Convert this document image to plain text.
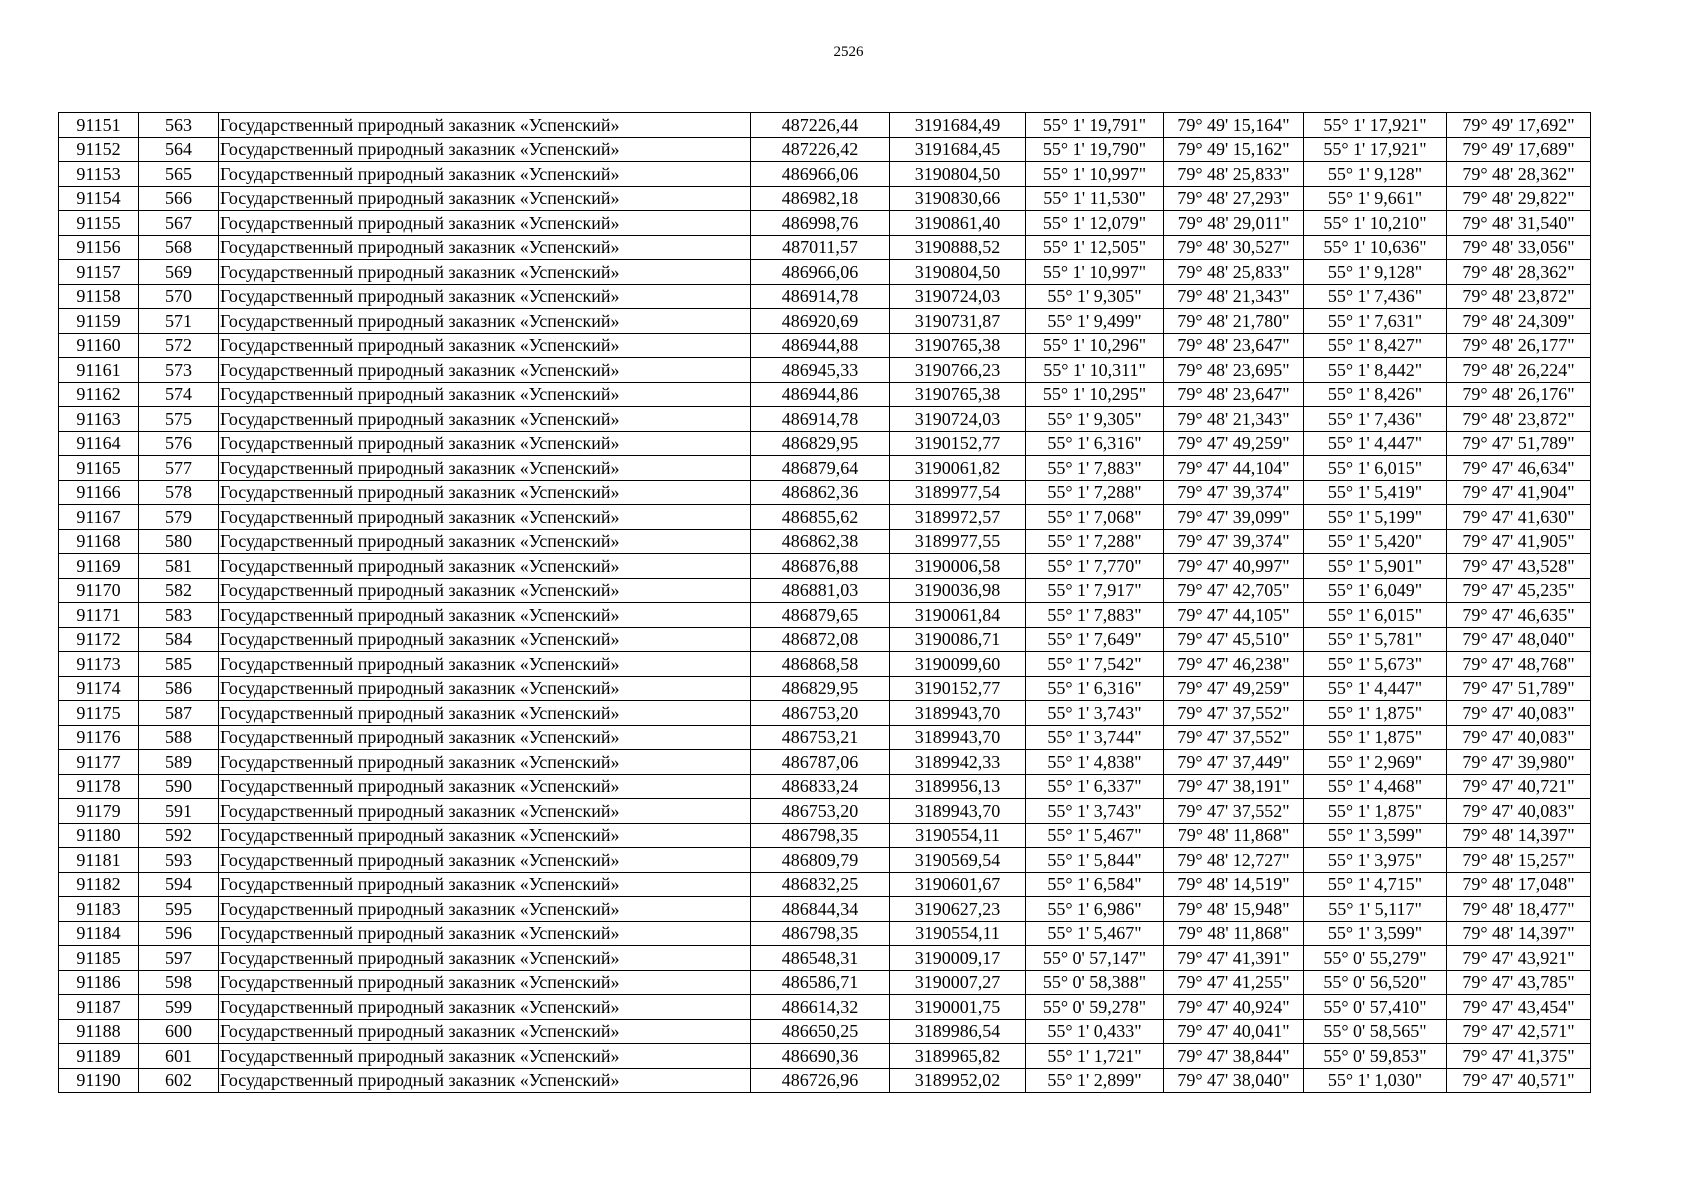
2526
91151	563	Государственный природный заказник «Успенский»	487226,44	3191684,49	55° 1' 19,791"	79° 49' 15,164"	55° 1' 17,921"	79° 49' 17,692"
91152	564	Государственный природный заказник «Успенский»	487226,42	3191684,45	55° 1' 19,790"	79° 49' 15,162"	55° 1' 17,921"	79° 49' 17,689"
91153	565	Государственный природный заказник «Успенский»	486966,06	3190804,50	55° 1' 10,997"	79° 48' 25,833"	55° 1' 9,128"	79° 48' 28,362"
91154	566	Государственный природный заказник «Успенский»	486982,18	3190830,66	55° 1' 11,530"	79° 48' 27,293"	55° 1' 9,661"	79° 48' 29,822"
91155	567	Государственный природный заказник «Успенский»	486998,76	3190861,40	55° 1' 12,079"	79° 48' 29,011"	55° 1' 10,210"	79° 48' 31,540"
91156	568	Государственный природный заказник «Успенский»	487011,57	3190888,52	55° 1' 12,505"	79° 48' 30,527"	55° 1' 10,636"	79° 48' 33,056"
91157	569	Государственный природный заказник «Успенский»	486966,06	3190804,50	55° 1' 10,997"	79° 48' 25,833"	55° 1' 9,128"	79° 48' 28,362"
91158	570	Государственный природный заказник «Успенский»	486914,78	3190724,03	55° 1' 9,305"	79° 48' 21,343"	55° 1' 7,436"	79° 48' 23,872"
91159	571	Государственный природный заказник «Успенский»	486920,69	3190731,87	55° 1' 9,499"	79° 48' 21,780"	55° 1' 7,631"	79° 48' 24,309"
91160	572	Государственный природный заказник «Успенский»	486944,88	3190765,38	55° 1' 10,296"	79° 48' 23,647"	55° 1' 8,427"	79° 48' 26,177"
91161	573	Государственный природный заказник «Успенский»	486945,33	3190766,23	55° 1' 10,311"	79° 48' 23,695"	55° 1' 8,442"	79° 48' 26,224"
91162	574	Государственный природный заказник «Успенский»	486944,86	3190765,38	55° 1' 10,295"	79° 48' 23,647"	55° 1' 8,426"	79° 48' 26,176"
91163	575	Государственный природный заказник «Успенский»	486914,78	3190724,03	55° 1' 9,305"	79° 48' 21,343"	55° 1' 7,436"	79° 48' 23,872"
91164	576	Государственный природный заказник «Успенский»	486829,95	3190152,77	55° 1' 6,316"	79° 47' 49,259"	55° 1' 4,447"	79° 47' 51,789"
91165	577	Государственный природный заказник «Успенский»	486879,64	3190061,82	55° 1' 7,883"	79° 47' 44,104"	55° 1' 6,015"	79° 47' 46,634"
91166	578	Государственный природный заказник «Успенский»	486862,36	3189977,54	55° 1' 7,288"	79° 47' 39,374"	55° 1' 5,419"	79° 47' 41,904"
91167	579	Государственный природный заказник «Успенский»	486855,62	3189972,57	55° 1' 7,068"	79° 47' 39,099"	55° 1' 5,199"	79° 47' 41,630"
91168	580	Государственный природный заказник «Успенский»	486862,38	3189977,55	55° 1' 7,288"	79° 47' 39,374"	55° 1' 5,420"	79° 47' 41,905"
91169	581	Государственный природный заказник «Успенский»	486876,88	3190006,58	55° 1' 7,770"	79° 47' 40,997"	55° 1' 5,901"	79° 47' 43,528"
91170	582	Государственный природный заказник «Успенский»	486881,03	3190036,98	55° 1' 7,917"	79° 47' 42,705"	55° 1' 6,049"	79° 47' 45,235"
91171	583	Государственный природный заказник «Успенский»	486879,65	3190061,84	55° 1' 7,883"	79° 47' 44,105"	55° 1' 6,015"	79° 47' 46,635"
91172	584	Государственный природный заказник «Успенский»	486872,08	3190086,71	55° 1' 7,649"	79° 47' 45,510"	55° 1' 5,781"	79° 47' 48,040"
91173	585	Государственный природный заказник «Успенский»	486868,58	3190099,60	55° 1' 7,542"	79° 47' 46,238"	55° 1' 5,673"	79° 47' 48,768"
91174	586	Государственный природный заказник «Успенский»	486829,95	3190152,77	55° 1' 6,316"	79° 47' 49,259"	55° 1' 4,447"	79° 47' 51,789"
91175	587	Государственный природный заказник «Успенский»	486753,20	3189943,70	55° 1' 3,743"	79° 47' 37,552"	55° 1' 1,875"	79° 47' 40,083"
91176	588	Государственный природный заказник «Успенский»	486753,21	3189943,70	55° 1' 3,744"	79° 47' 37,552"	55° 1' 1,875"	79° 47' 40,083"
91177	589	Государственный природный заказник «Успенский»	486787,06	3189942,33	55° 1' 4,838"	79° 47' 37,449"	55° 1' 2,969"	79° 47' 39,980"
91178	590	Государственный природный заказник «Успенский»	486833,24	3189956,13	55° 1' 6,337"	79° 47' 38,191"	55° 1' 4,468"	79° 47' 40,721"
91179	591	Государственный природный заказник «Успенский»	486753,20	3189943,70	55° 1' 3,743"	79° 47' 37,552"	55° 1' 1,875"	79° 47' 40,083"
91180	592	Государственный природный заказник «Успенский»	486798,35	3190554,11	55° 1' 5,467"	79° 48' 11,868"	55° 1' 3,599"	79° 48' 14,397"
91181	593	Государственный природный заказник «Успенский»	486809,79	3190569,54	55° 1' 5,844"	79° 48' 12,727"	55° 1' 3,975"	79° 48' 15,257"
91182	594	Государственный природный заказник «Успенский»	486832,25	3190601,67	55° 1' 6,584"	79° 48' 14,519"	55° 1' 4,715"	79° 48' 17,048"
91183	595	Государственный природный заказник «Успенский»	486844,34	3190627,23	55° 1' 6,986"	79° 48' 15,948"	55° 1' 5,117"	79° 48' 18,477"
91184	596	Государственный природный заказник «Успенский»	486798,35	3190554,11	55° 1' 5,467"	79° 48' 11,868"	55° 1' 3,599"	79° 48' 14,397"
91185	597	Государственный природный заказник «Успенский»	486548,31	3190009,17	55° 0' 57,147"	79° 47' 41,391"	55° 0' 55,279"	79° 47' 43,921"
91186	598	Государственный природный заказник «Успенский»	486586,71	3190007,27	55° 0' 58,388"	79° 47' 41,255"	55° 0' 56,520"	79° 47' 43,785"
91187	599	Государственный природный заказник «Успенский»	486614,32	3190001,75	55° 0' 59,278"	79° 47' 40,924"	55° 0' 57,410"	79° 47' 43,454"
91188	600	Государственный природный заказник «Успенский»	486650,25	3189986,54	55° 1' 0,433"	79° 47' 40,041"	55° 0' 58,565"	79° 47' 42,571"
91189	601	Государственный природный заказник «Успенский»	486690,36	3189965,82	55° 1' 1,721"	79° 47' 38,844"	55° 0' 59,853"	79° 47' 41,375"
91190	602	Государственный природный заказник «Успенский»	486726,96	3189952,02	55° 1' 2,899"	79° 47' 38,040"	55° 1' 1,030"	79° 47' 40,571"
